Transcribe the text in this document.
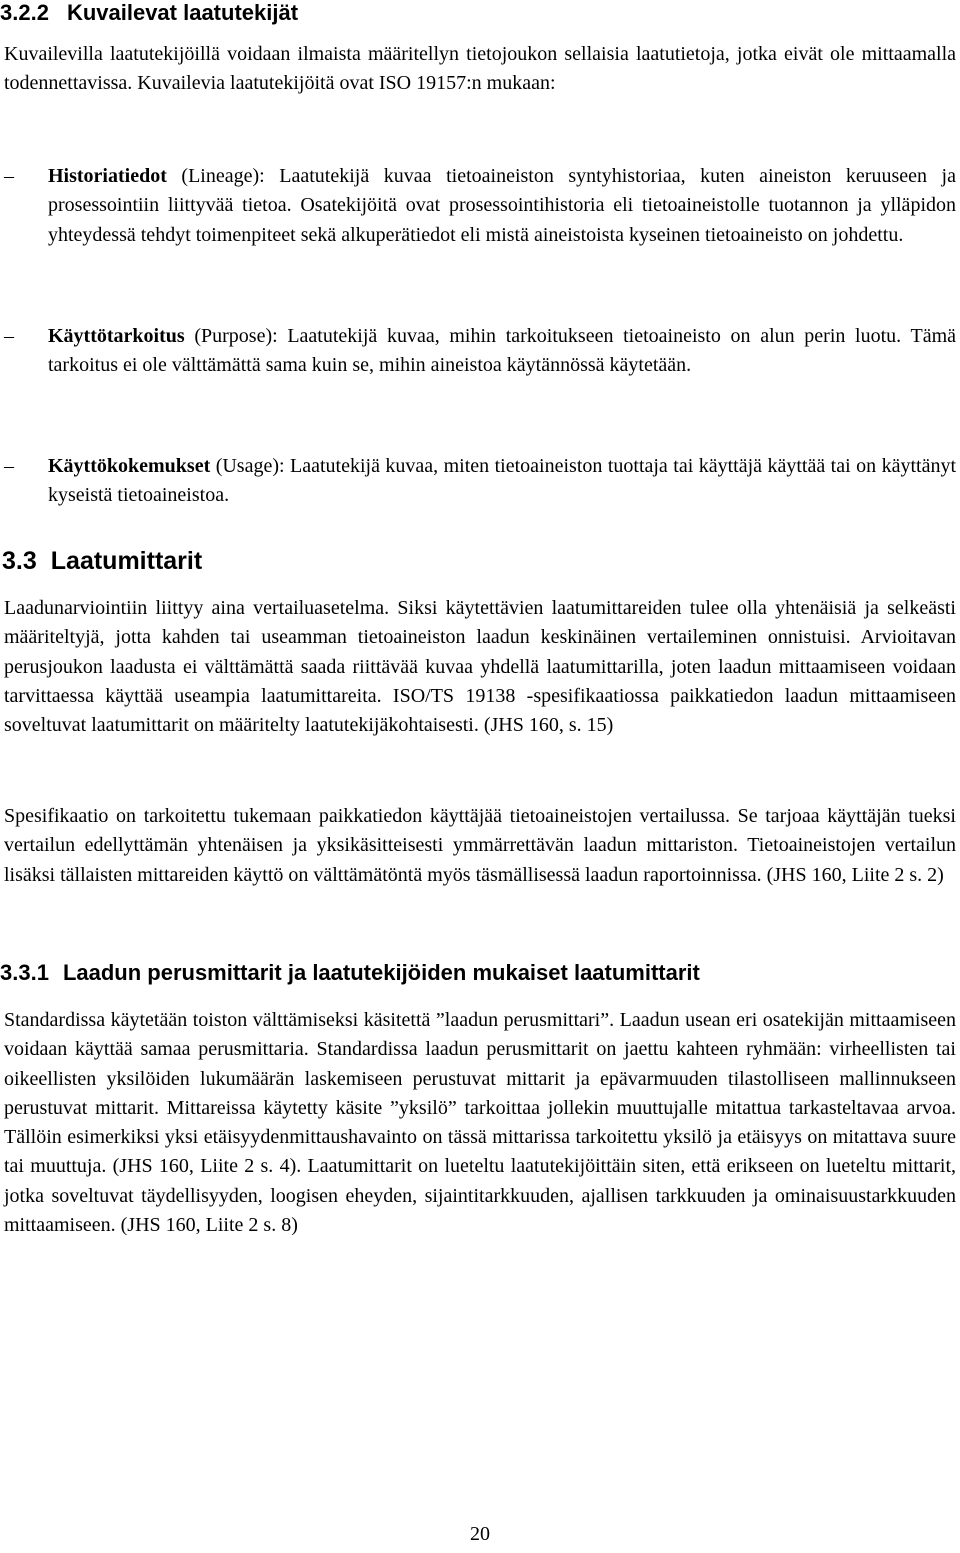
3.2.2 Kuvailevat laatutekijät

Kuvailevilla laatutekijöillä voidaan ilmaista määritellyn tietojoukon sellaisia laatutietoja, jotka eivät ole mittaamalla todennettavissa. Kuvailevia laatutekijöitä ovat ISO 19157:n mukaan:

– Historiatiedot (Lineage): Laatutekijä kuvaa tietoaineiston syntyhistoriaa, kuten aineiston keruuseen ja prosessointiin liittyvää tietoa. Osatekijöitä ovat prosessointihistoria eli tietoaineistolle tuotannon ja ylläpidon yhteydessä tehdyt toimenpiteet sekä alkuperätiedot eli mistä aineistoista kyseinen tietoaineisto on johdettu.

– Käyttötarkoitus (Purpose): Laatutekijä kuvaa, mihin tarkoitukseen tietoaineisto on alun perin luotu. Tämä tarkoitus ei ole välttämättä sama kuin se, mihin aineistoa käytännössä käytetään.

– Käyttökokemukset (Usage): Laatutekijä kuvaa, miten tietoaineiston tuottaja tai käyttäjä käyttää tai on käyttänyt kyseistä tietoaineistoa.

3.3 Laatumittarit

Laadunarviointiin liittyy aina vertailuasetelma. Siksi käytettävien laatumittareiden tulee olla yhtenäisiä ja selkeästi määriteltyjä, jotta kahden tai useamman tietoaineiston laadun keskinäinen vertaileminen onnistuisi. Arvioitavan perusjoukon laadusta ei välttämättä saada riittävää kuvaa yhdellä laatumittarilla, joten laadun mittaamiseen voidaan tarvittaessa käyttää useampia laatumittareita. ISO/TS 19138 -spesifikaatiossa paikkatiedon laadun mittaamiseen soveltuvat laatumittarit on määritelty laatutekijäkohtaisesti. (JHS 160, s. 15)

Spesifikaatio on tarkoitettu tukemaan paikkatiedon käyttäjää tietoaineistojen vertailussa. Se tarjoaa käyttäjän tueksi vertailun edellyttämän yhtenäisen ja yksikäsitteisesti ymmärrettävän laadun mittariston. Tietoaineistojen vertailun lisäksi tällaisten mittareiden käyttö on välttämätöntä myös täsmällisessä laadun raportoinnissa. (JHS 160, Liite 2 s. 2)

3.3.1 Laadun perusmittarit ja laatutekijöiden mukaiset laatumittarit

Standardissa käytetään toiston välttämiseksi käsitettä ”laadun perusmittari”. Laadun usean eri osatekijän mittaamiseen voidaan käyttää samaa perusmittaria. Standardissa laadun perusmittarit on jaettu kahteen ryhmään: virheellisten tai oikeellisten yksilöiden lukumäärän laskemiseen perustuvat mittarit ja epävarmuuden tilastolliseen mallinnukseen perustuvat mittarit. Mittareissa käytetty käsite ”yksilö” tarkoittaa jollekin muuttujalle mitattua tarkasteltavaa arvoa. Tällöin esimerkiksi yksi etäisyydenmittaushavainto on tässä mittarissa tarkoitettu yksilö ja etäisyys on mitattava suure tai muuttuja. (JHS 160, Liite 2 s. 4). Laatumittarit on lueteltu laatutekijöittäin siten, että erikseen on lueteltu mittarit, jotka soveltuvat täydellisyyden, loogisen eheyden, sijaintitarkkuuden, ajallisen tarkkuuden ja ominaisuustarkkuuden mittaamiseen. (JHS 160, Liite 2 s. 8)

20
